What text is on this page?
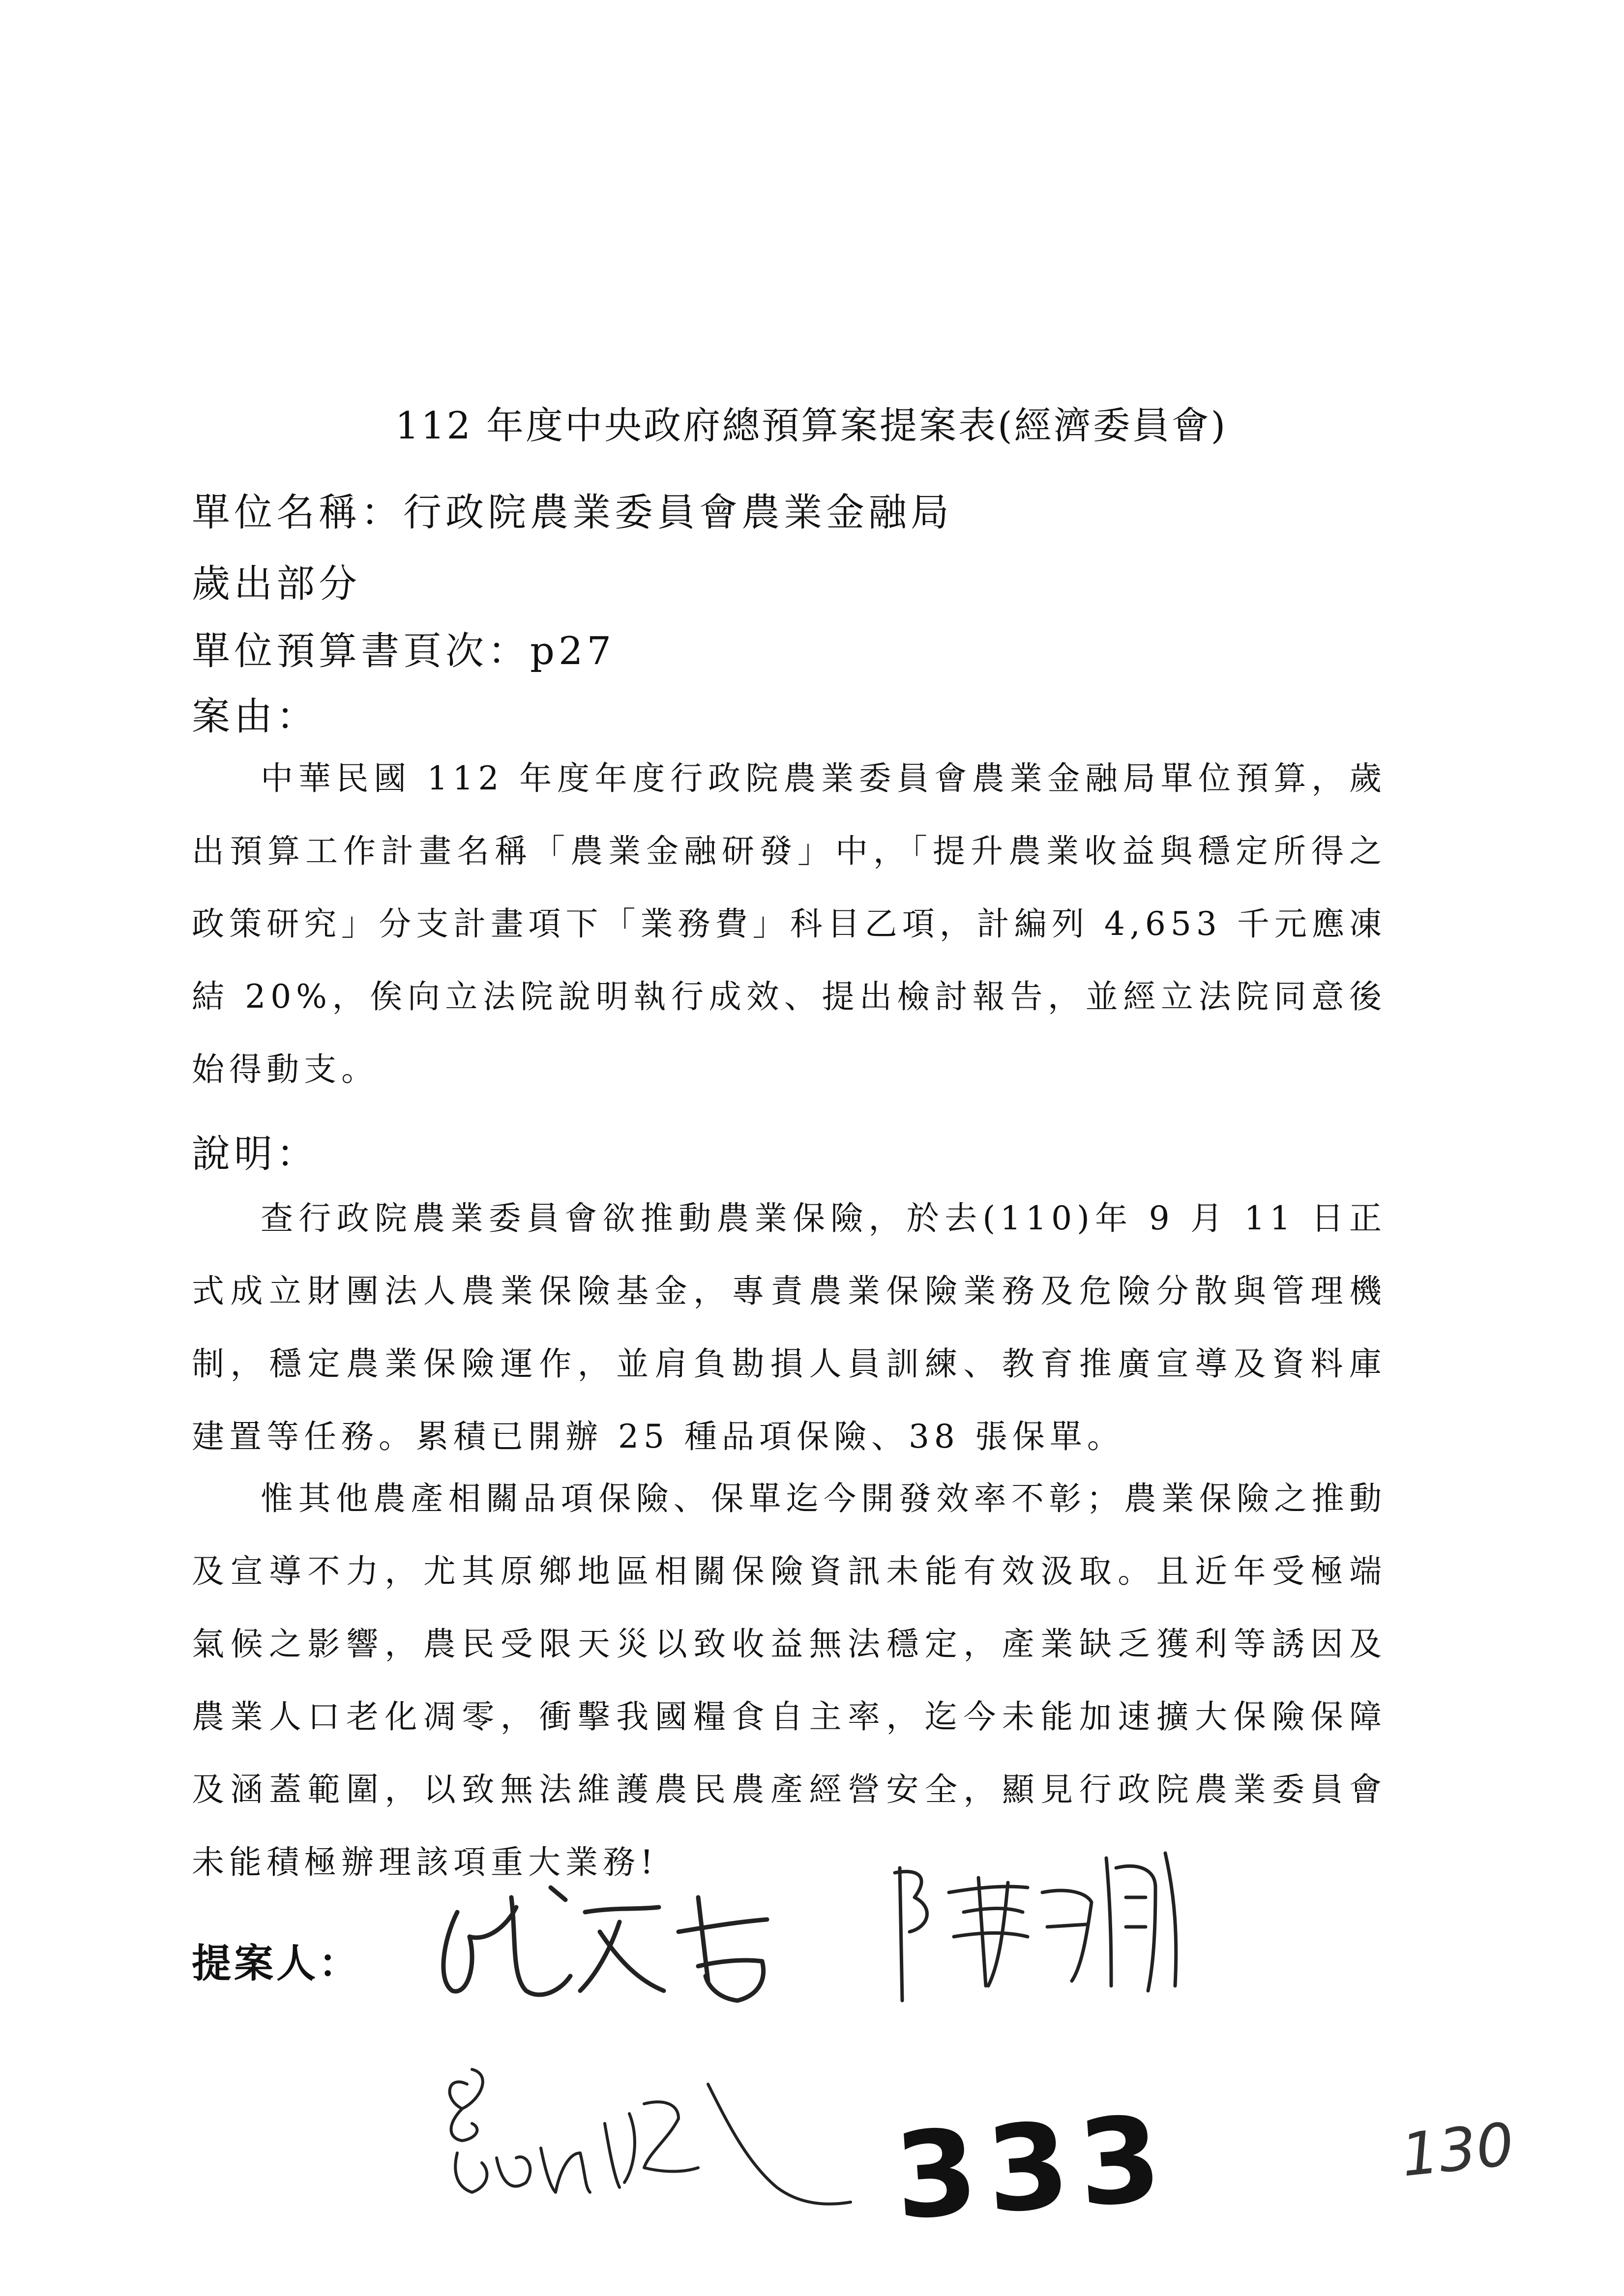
112 年度中央政府總預算案提案表(經濟委員會)
單位名稱：行政院農業委員會農業金融局
歲出部分
單位預算書頁次：p27
案由：
中華民國 112 年度年度行政院農業委員會農業金融局單位預算，歲出預算工作計畫名稱「農業金融研發」中，「提升農業收益與穩定所得之政策研究」分支計畫項下「業務費」科目乙項，計編列 4,653 千元應凍結 20%，俟向立法院說明執行成效、提出檢討報告，並經立法院同意後始得動支。
說明：
查行政院農業委員會欲推動農業保險，於去(110)年 9 月 11 日正式成立財團法人農業保險基金，專責農業保險業務及危險分散與管理機制，穩定農業保險運作，並肩負勘損人員訓練、教育推廣宣導及資料庫建置等任務。累積已開辦 25 種品項保險、38 張保單。
惟其他農產相關品項保險、保單迄今開發效率不彰；農業保險之推動及宣導不力，尤其原鄉地區相關保險資訊未能有效汲取。且近年受極端氣候之影響，農民受限天災以致收益無法穩定，產業缺乏獲利等誘因及農業人口老化凋零，衝擊我國糧食自主率，迄今未能加速擴大保險保障及涵蓋範圍，以致無法維護農民農產經營安全，顯見行政院農業委員會未能積極辦理該項重大業務!
提案人：
333	130
